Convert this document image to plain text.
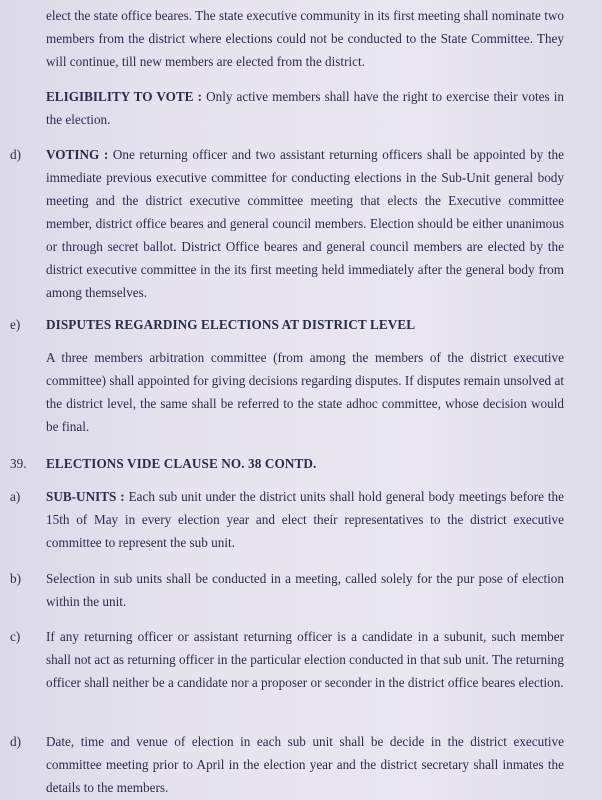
elect the state office beares. The state executive community in its first meeting shall nominate two members from the district where elections could not be conducted to the State Committee. They will continue, till new members are elected from the district.
ELIGIBILITY TO VOTE : Only active members shall have the right to exercise their votes in the election.
d)	VOTING : One returning officer and two assistant returning officers shall be appointed by the immediate previous executive committee for conducting elections in the Sub-Unit general body meeting and the district executive committee meeting that elects the Executive committee member, district office beares and general council members. Election should be either unanimous or through secret ballot. District Office beares and general council members are elected by the district executive committee in the its first meeting held immediately after the general body from among themselves.
e)	DISPUTES REGARDING ELECTIONS AT DISTRICT LEVEL
A three members arbitration committee (from among the members of the district executive committee) shall appointed for giving decisions regarding disputes. If disputes remain unsolved at the district level, the same shall be referred to the state adhoc committee, whose decision would be final.
39.	ELECTIONS VIDE CLAUSE NO. 38 CONTD.
a)	SUB-UNITS : Each sub unit under the district units shall hold general body meetings before the 15th of May in every election year and elect their representatives to the district executive committee to represent the sub unit.
b)	Selection in sub units shall be conducted in a meeting, called solely for the pur pose of election within the unit.
c)	If any returning officer or assistant returning officer is a candidate in a subunit, such member shall not act as returning officer in the particular election conducted in that sub unit. The returning officer shall neither be a candidate nor a proposer or seconder in the district office beares election.
d)	Date, time and venue of election in each sub unit shall be decide in the district executive committee meeting prior to April in the election year and the district secretary shall inmates the details to the members.
